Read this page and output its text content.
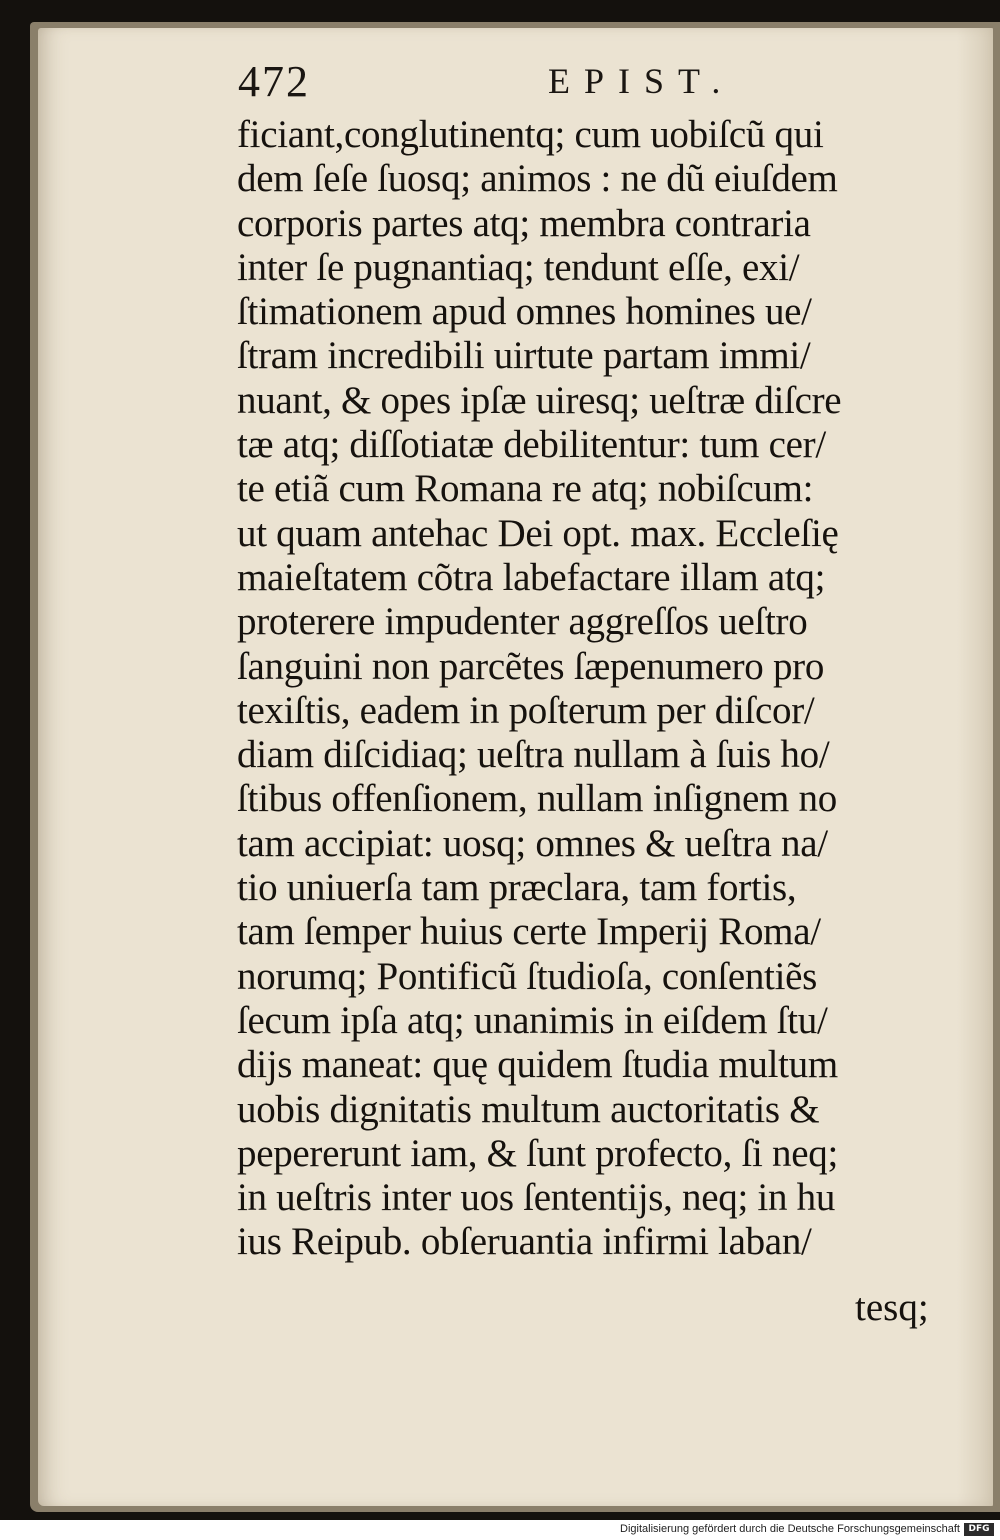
472	EPIST.
ficiant,conglutinentq; cum uobiſcũ qui
dem ſeſe ſuosq; animos : ne dũ eiuſdem
corporis partes atq; membra contraria
inter ſe pugnantiaq; tendunt eſſe, exi/
ſtimationem apud omnes homines ue/
ſtram incredibili uirtute partam immi/
nuant, & opes ipſæ uiresq; ueſtræ diſcre
tæ atq; diſſotiatæ debilitentur: tum cer/
te etiã cum Romana re atq; nobiſcum:
ut quam antehac Dei opt. max. Eccleſię
maieſtatem cõtra labefactare illam atq;
proterere impudenter aggreſſos ueſtro
ſanguini non parcẽtes ſæpenumero pro
texiſtis, eadem in poſterum per diſcor/
diam diſcidiaq; ueſtra nullam à ſuis ho/
ſtibus offenſionem, nullam inſignem no
tam accipiat: uosq; omnes & ueſtra na/
tio uniuerſa tam præclara, tam fortis,
tam ſemper huius certe Imperij Roma/
norumq; Pontificũ ſtudioſa, conſentiẽs
ſecum ipſa atq; unanimis in eiſdem ſtu/
dijs maneat: quę quidem ſtudia multum
uobis dignitatis multum auctoritatis &
pepererunt iam, & ſunt profecto, ſi neq;
in ueſtris inter uos ſententijs, neq; in hu
ius Reipub. obſeruantia infirmi laban/
tesq;
Digitalisierung gefördert durch die Deutsche Forschungsgemeinschaft DFG
